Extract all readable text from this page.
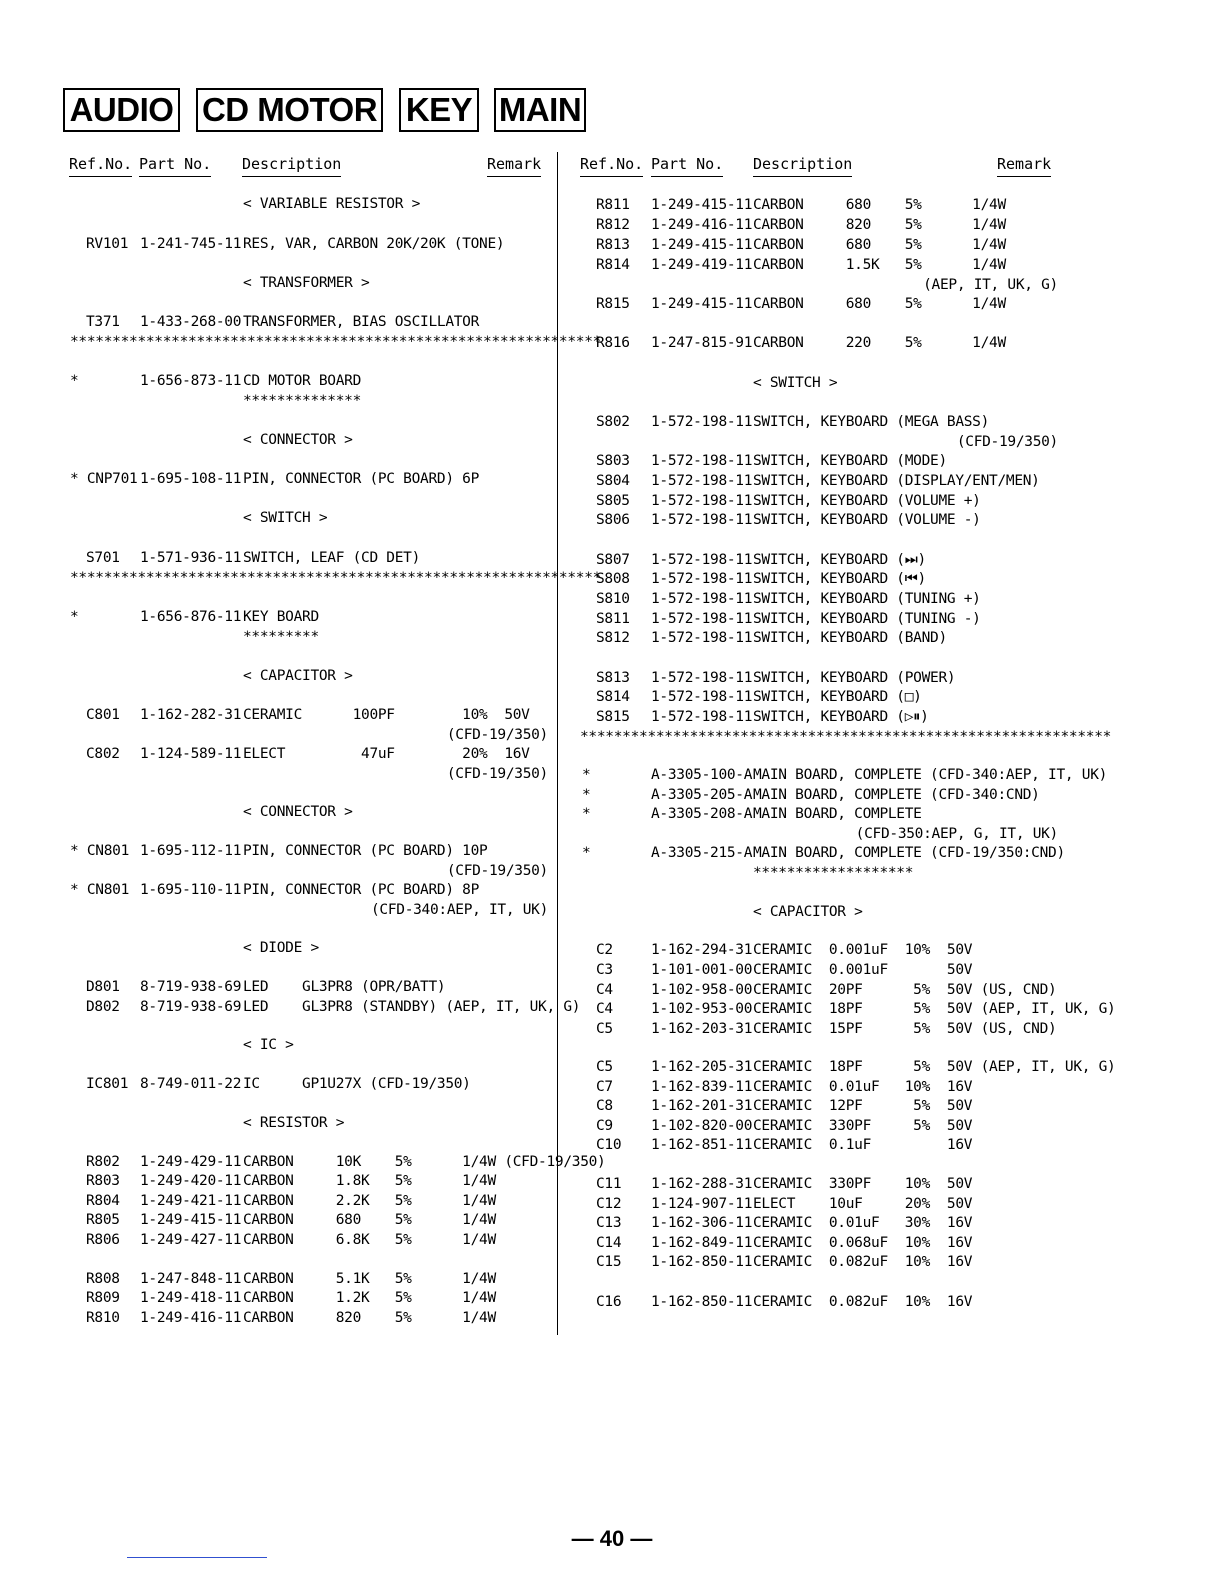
AUDIO CD MOTOR KEY MAIN
Ref.No. Part No. Description	Remark	Ref.No. Part No. Description	Remark
< VARIABLE RESISTOR >
RV101 1-241-745-11 RES, VAR, CARBON 20K/20K (TONE)
< TRANSFORMER >
T371 1-433-268-00 TRANSFORMER, BIAS OSCILLATOR
***************************************************************
*	1-656-873-11 CD MOTOR BOARD
**************
< CONNECTOR >
* CNP701 1-695-108-11 PIN, CONNECTOR (PC BOARD) 6P
< SWITCH >
S701 1-571-936-11 SWITCH, LEAF (CD DET)
***************************************************************
*	1-656-876-11 KEY BOARD
*********
< CAPACITOR >
C801 1-162-282-31 CERAMIC      100PF        10%  50V
(CFD-19/350)
C802 1-124-589-11 ELECT         47uF        20%  16V
(CFD-19/350)
< CONNECTOR >
* CN801 1-695-112-11 PIN, CONNECTOR (PC BOARD) 10P
(CFD-19/350)
* CN801 1-695-110-11 PIN, CONNECTOR (PC BOARD) 8P
(CFD-340:AEP, IT, UK)
< DIODE >
D801 8-719-938-69 LED    GL3PR8 (OPR/BATT)
D802 8-719-938-69 LED    GL3PR8 (STANDBY) (AEP, IT, UK, G)
< IC >
IC801 8-749-011-22 IC     GP1U27X (CFD-19/350)
< RESISTOR >
R802 1-249-429-11 CARBON     10K    5%      1/4W (CFD-19/350)
R803 1-249-420-11 CARBON     1.8K   5%      1/4W
R804 1-249-421-11 CARBON     2.2K   5%      1/4W
R805 1-249-415-11 CARBON     680    5%      1/4W
R806 1-249-427-11 CARBON     6.8K   5%      1/4W
R808 1-247-848-11 CARBON     5.1K   5%      1/4W
R809 1-249-418-11 CARBON     1.2K   5%      1/4W
R810 1-249-416-11 CARBON     820    5%      1/4W
R811 1-249-415-11 CARBON     680    5%      1/4W
R812 1-249-416-11 CARBON     820    5%      1/4W
R813 1-249-415-11 CARBON     680    5%      1/4W
R814 1-249-419-11 CARBON     1.5K   5%      1/4W
(AEP, IT, UK, G)
R815 1-249-415-11 CARBON     680    5%      1/4W
R816 1-247-815-91 CARBON     220    5%      1/4W
< SWITCH >
S802 1-572-198-11 SWITCH, KEYBOARD (MEGA BASS)
(CFD-19/350)
S803 1-572-198-11 SWITCH, KEYBOARD (MODE)
S804 1-572-198-11 SWITCH, KEYBOARD (DISPLAY/ENT/MEN)
S805 1-572-198-11 SWITCH, KEYBOARD (VOLUME +)
S806 1-572-198-11 SWITCH, KEYBOARD (VOLUME -)
S807 1-572-198-11 SWITCH, KEYBOARD (⏭)
S808 1-572-198-11 SWITCH, KEYBOARD (⏮)
S810 1-572-198-11 SWITCH, KEYBOARD (TUNING +)
S811 1-572-198-11 SWITCH, KEYBOARD (TUNING -)
S812 1-572-198-11 SWITCH, KEYBOARD (BAND)
S813 1-572-198-11 SWITCH, KEYBOARD (POWER)
S814 1-572-198-11 SWITCH, KEYBOARD (□)
S815 1-572-198-11 SWITCH, KEYBOARD (▷⏸)
***************************************************************
*	A-3305-100-A MAIN BOARD, COMPLETE (CFD-340:AEP, IT, UK)
*	A-3305-205-A MAIN BOARD, COMPLETE (CFD-340:CND)
*	A-3305-208-A MAIN BOARD, COMPLETE
(CFD-350:AEP, G, IT, UK)
*	A-3305-215-A MAIN BOARD, COMPLETE (CFD-19/350:CND)
*******************
< CAPACITOR >
C2	1-162-294-31 CERAMIC  0.001uF  10%  50V
C3	1-101-001-00 CERAMIC  0.001uF       50V
C4	1-102-958-00 CERAMIC  20PF      5%  50V (US, CND)
C4	1-102-953-00 CERAMIC  18PF      5%  50V (AEP, IT, UK, G)
C5	1-162-203-31 CERAMIC  15PF      5%  50V (US, CND)
C5	1-162-205-31 CERAMIC  18PF      5%  50V (AEP, IT, UK, G)
C7	1-162-839-11 CERAMIC  0.01uF   10%  16V
C8	1-162-201-31 CERAMIC  12PF      5%  50V
C9	1-102-820-00 CERAMIC  330PF     5%  50V
C10 1-162-851-11 CERAMIC  0.1uF         16V
C11 1-162-288-31 CERAMIC  330PF    10%  50V
C12 1-124-907-11 ELECT    10uF     20%  50V
C13 1-162-306-11 CERAMIC  0.01uF   30%  16V
C14 1-162-849-11 CERAMIC  0.068uF  10%  16V
C15 1-162-850-11 CERAMIC  0.082uF  10%  16V
C16 1-162-850-11 CERAMIC  0.082uF  10%  16V
— 40 —
